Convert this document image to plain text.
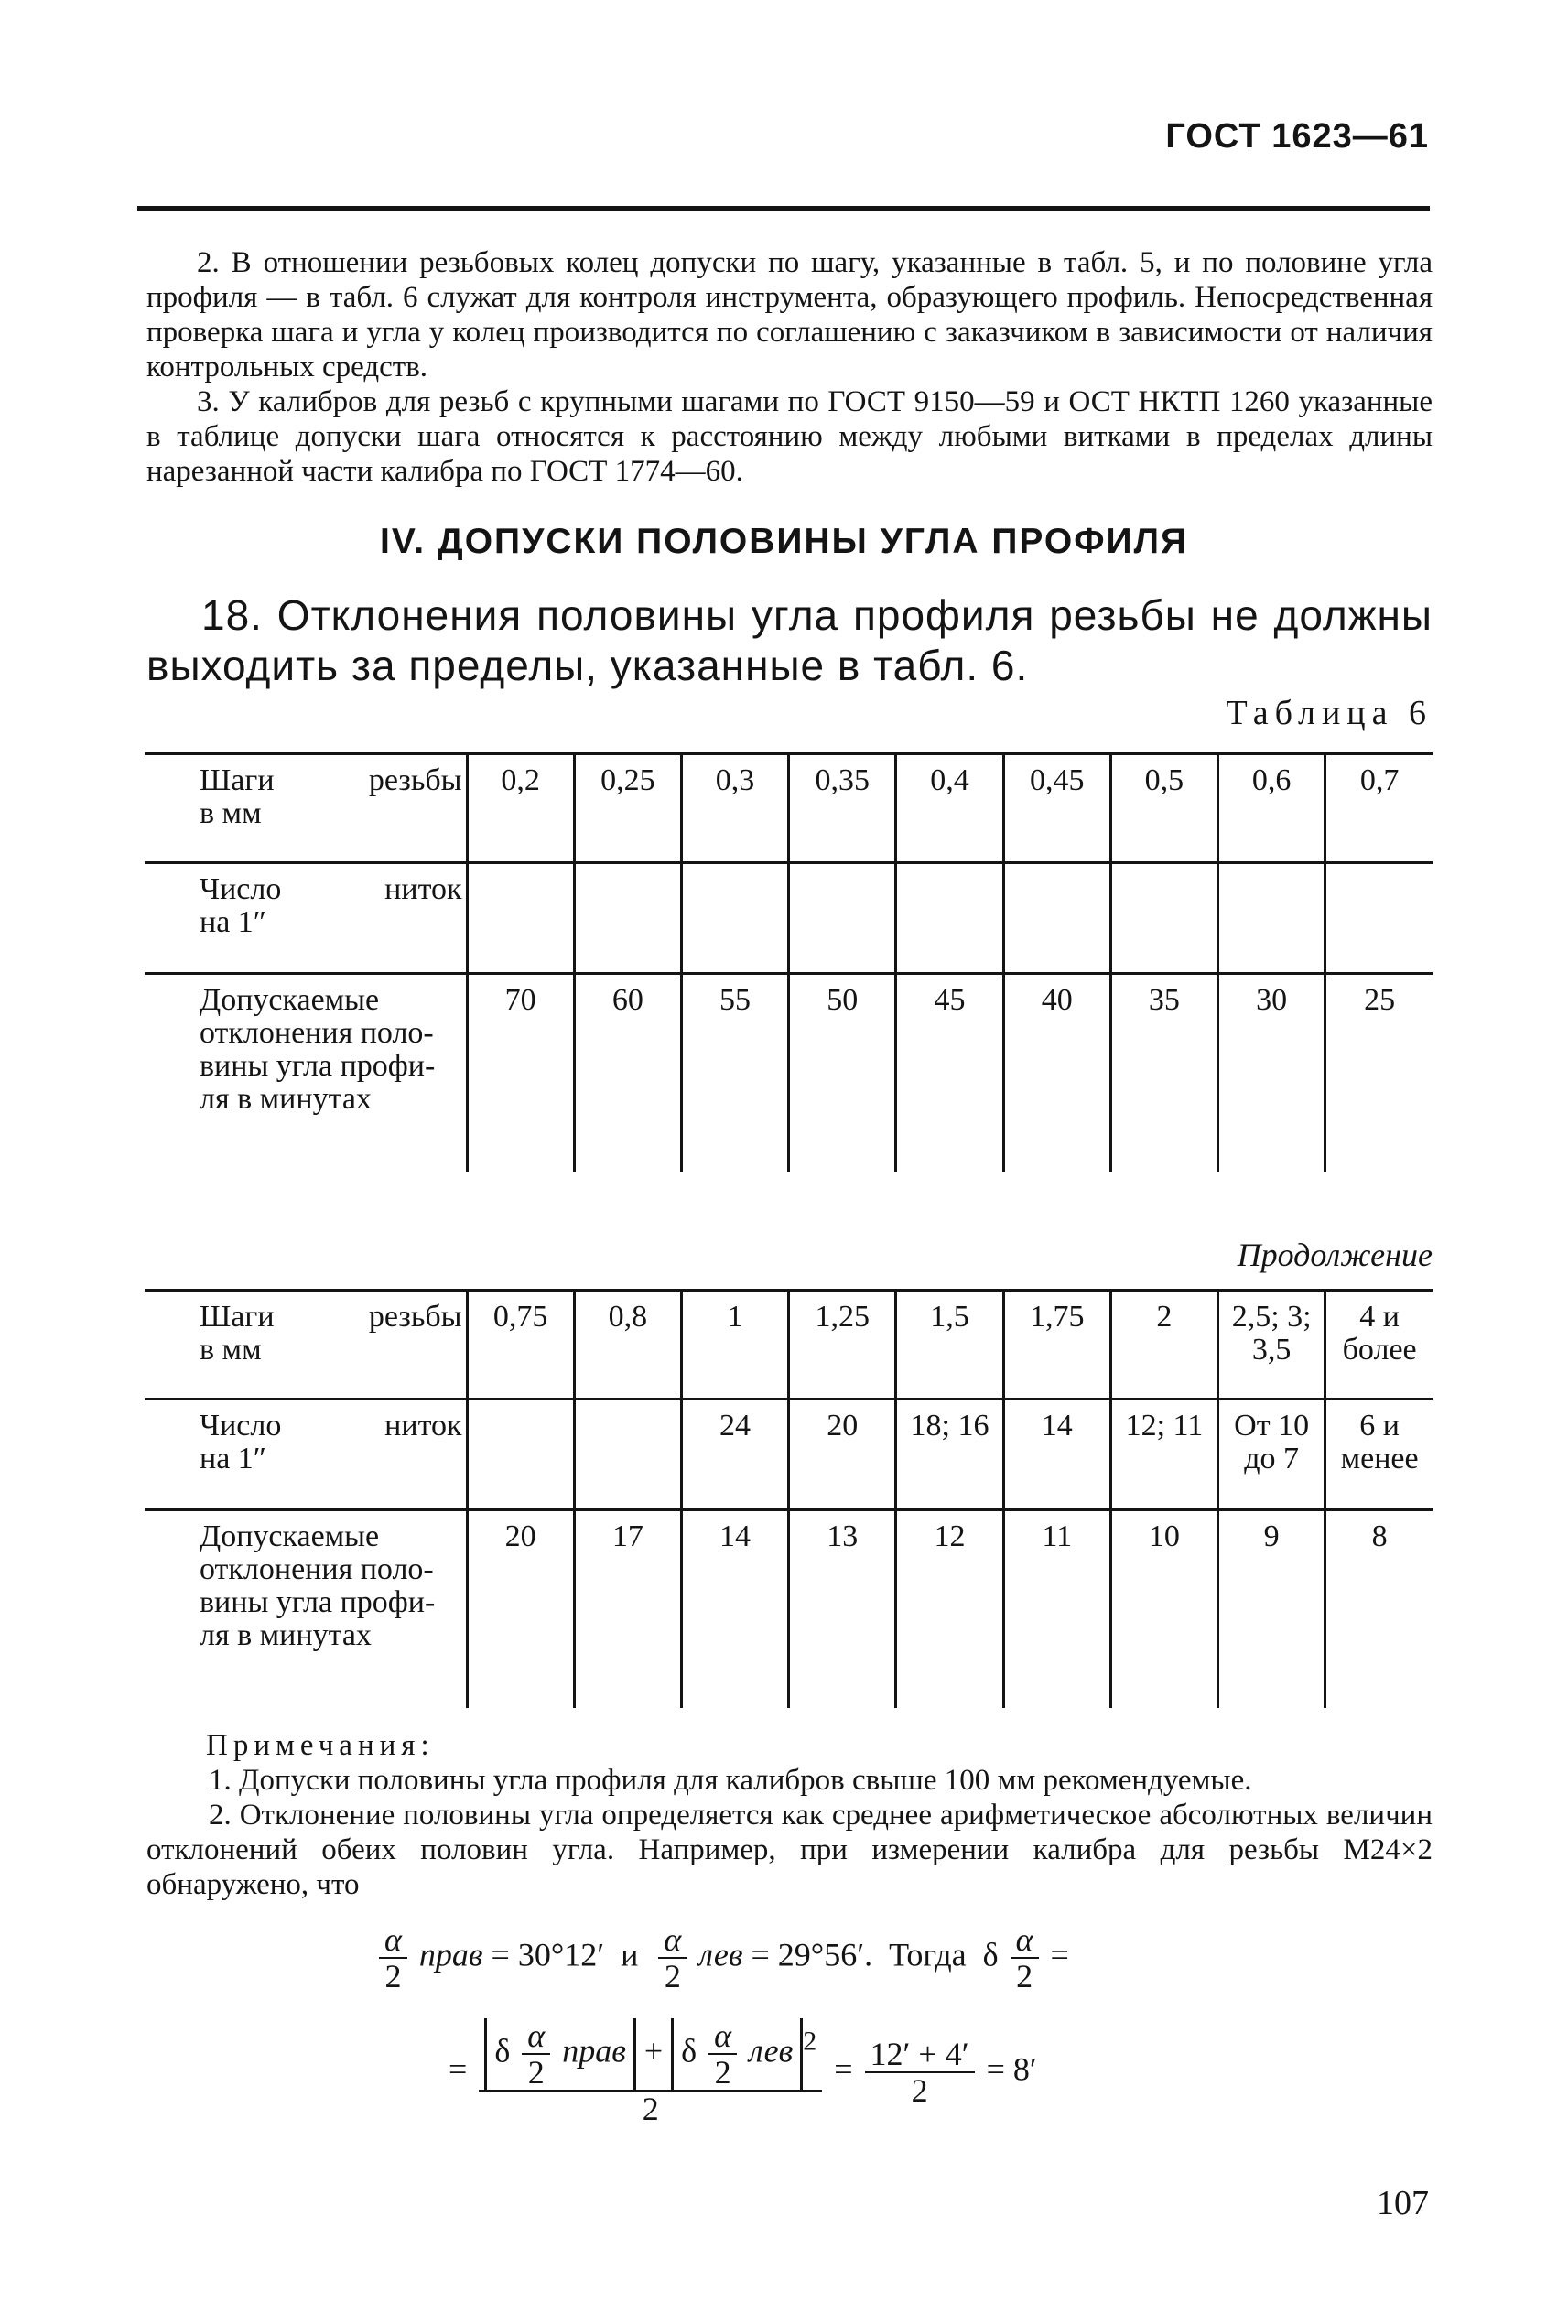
ГОСТ 1623—61
2. В отношении резьбовых колец допуски по шагу, указанные в табл. 5, и по половине угла профиля — в табл. 6 служат для контроля инструмента, образующего профиль. Непосредственная проверка шага и угла у колец производится по соглашению с заказчиком в зависимости от наличия контрольных средств.
3. У калибров для резьб с крупными шагами по ГОСТ 9150—59 и ОСТ НКТП 1260 указанные в таблице допуски шага относятся к расстоянию между любыми витками в пределах длины нарезанной части калибра по ГОСТ 1774—60.
IV. ДОПУСКИ ПОЛОВИНЫ УГЛА ПРОФИЛЯ
18. Отклонения половины угла профиля резьбы не должны выходить за пределы, указанные в табл. 6.
Таблица 6
Шаги резьбы
в мм	0,2	0,25	0,3	0,35	0,4	0,45	0,5	0,6	0,7

Число ниток
на 1″									

Допускаемые
отклонения поло-
вины угла профи-
ля в минутах	70	60	55	50	45	40	35	30	25
Продолжение
Шаги резьбы
в мм	0,75	0,8	1	1,25	1,5	1,75	2	2,5; 3; 3,5	4 и более

Число ниток
на 1″			24	20	18; 16	14	12; 11	От 10 до 7	6 и менее

Допускаемые
отклонения поло-
вины угла профи-
ля в минутах	20	17	14	13	12	11	10	9	8
Примечания:
1. Допуски половины угла профиля для калибров свыше 100 мм рекомендуемые.
2. Отклонение половины угла определяется как среднее арифметическое абсолютных величин отклонений обеих половин угла. Например, при измерении калибра для резьбы М24×2 обнаружено, что
$\frac{\alpha}{2}$ прав = 30°12′ и $\frac{\alpha}{2}$ лев = 29°56′. Тогда δ $\frac{\alpha}{2}$ =
= δ $\frac{\alpha}{2}$ прав + δ $\frac{\alpha}{2}$ лев $^2$
2
= $\frac{12' + 4'}{2} = 8'$
107
